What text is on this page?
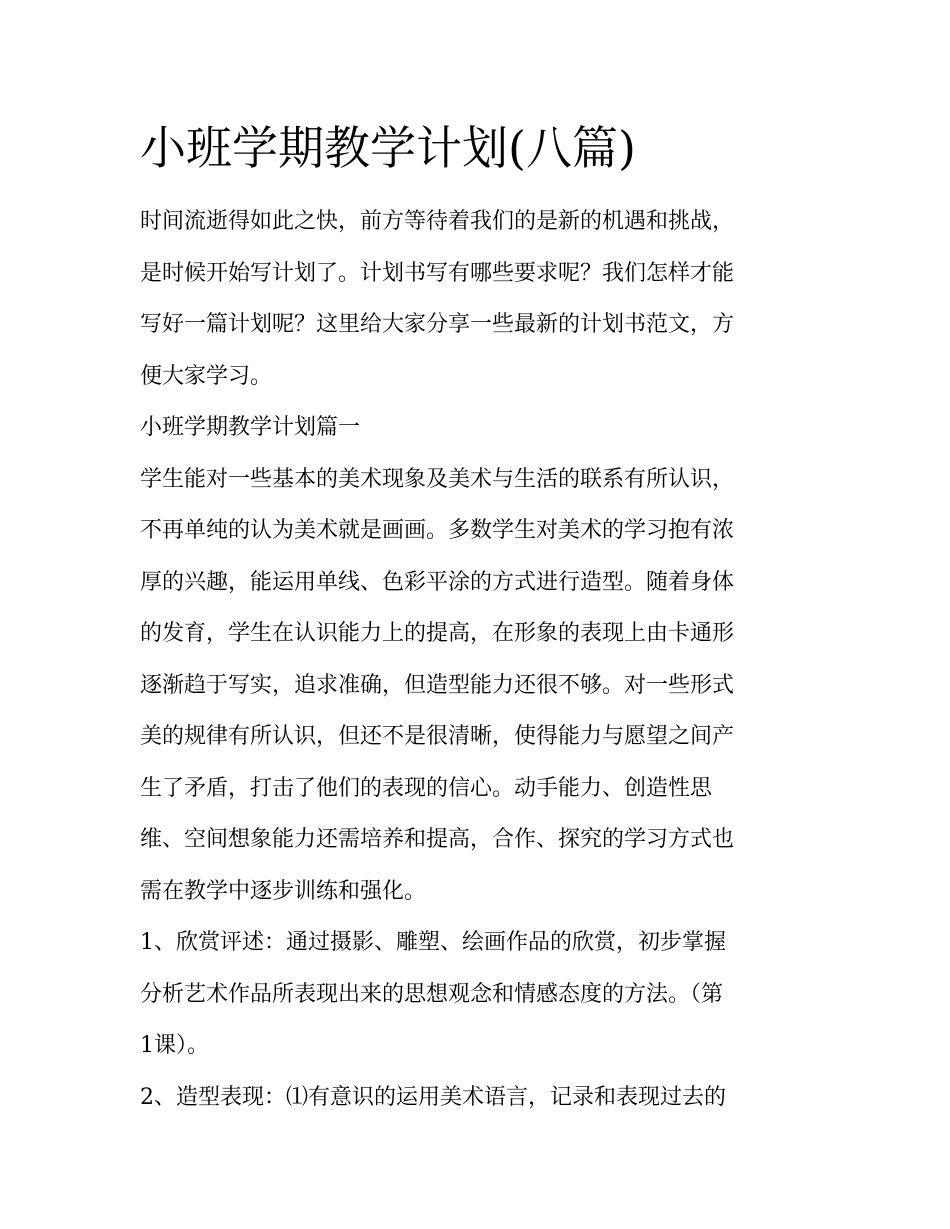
小班学期教学计划(八篇)
时间流逝得如此之快，前方等待着我们的是新的机遇和挑战，
是时候开始写计划了。计划书写有哪些要求呢？我们怎样才能
写好一篇计划呢？这里给大家分享一些最新的计划书范文，方
便大家学习。
小班学期教学计划篇一
学生能对一些基本的美术现象及美术与生活的联系有所认识，
不再单纯的认为美术就是画画。多数学生对美术的学习抱有浓
厚的兴趣，能运用单线、色彩平涂的方式进行造型。随着身体
的发育，学生在认识能力上的提高，在形象的表现上由卡通形
逐渐趋于写实，追求准确，但造型能力还很不够。对一些形式
美的规律有所认识，但还不是很清晰，使得能力与愿望之间产
生了矛盾，打击了他们的表现的信心。动手能力、创造性思
维、空间想象能力还需培养和提高，合作、探究的学习方式也
需在教学中逐步训练和强化。
1、欣赏评述：通过摄影、雕塑、绘画作品的欣赏，初步掌握
分析艺术作品所表现出来的思想观念和情感态度的方法。（第
1课）。
2、造型表现：⑴有意识的运用美术语言，记录和表现过去的
